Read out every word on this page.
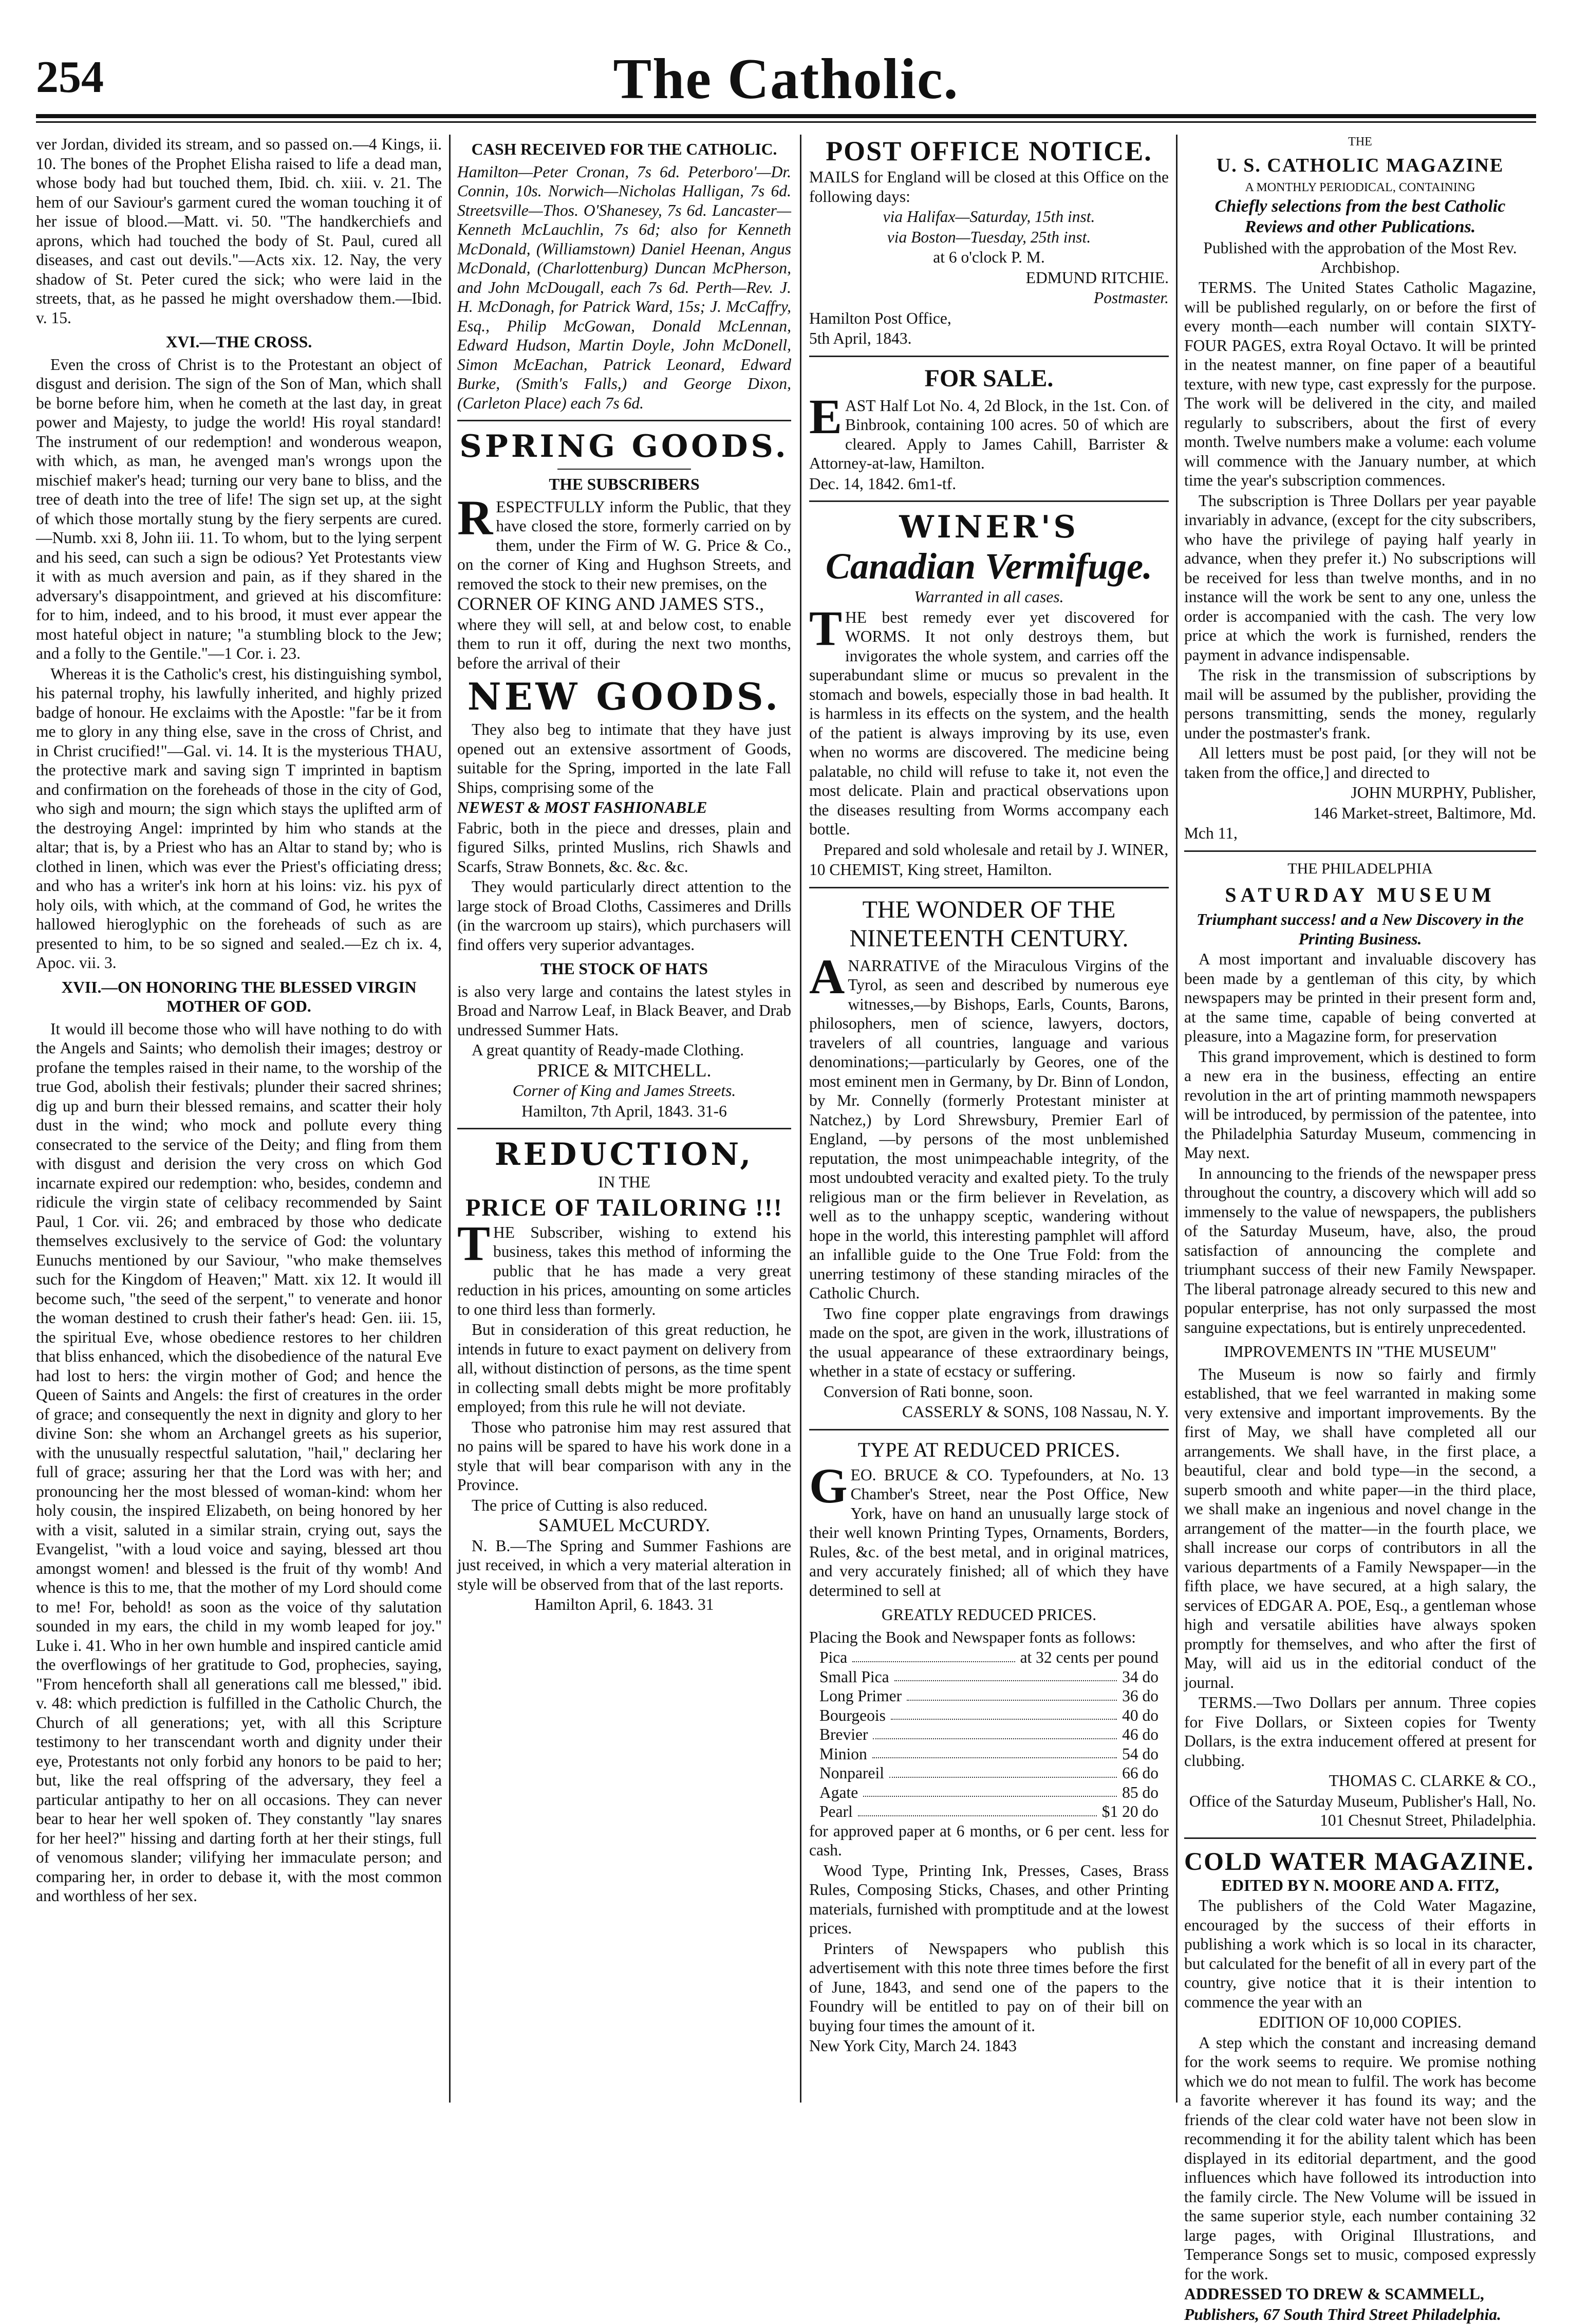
254	The Catholic.

ver Jordan, divided its stream, and so passed on.—4 Kings, ii. 10. The bones of the Prophet Elisha raised to life a dead man, whose body had but touched them, Ibid. ch. xiii. v. 21. The hem of our Saviour's garment cured the woman touching it of her issue of blood.—Matt. vi. 50. "The handkerchiefs and aprons, which had touched the body of St. Paul, cured all diseases, and cast out devils."—Acts xix. 12. Nay, the very shadow of St. Peter cured the sick; who were laid in the streets, that, as he passed he might overshadow them.—Ibid. v. 15.

XVI.—THE CROSS.

Even the cross of Christ is to the Protestant an object of disgust and derision. The sign of the Son of Man, which shall be borne before him, when he cometh at the last day, in great power and Majesty, to judge the world! His royal standard! The instrument of our redemption! and wonderous weapon, with which, as man, he avenged man's wrongs upon the mischief maker's head; turning our very bane to bliss, and the tree of death into the tree of life! The sign set up, at the sight of which those mortally stung by the fiery serpents are cured.—Numb. xxi 8, John iii. 11. To whom, but to the lying serpent and his seed, can such a sign be odious? Yet Protestants view it with as much aversion and pain, as if they shared in the adversary's disappointment, and grieved at his discomfiture: for to him, indeed, and to his brood, it must ever appear the most hateful object in nature; "a stumbling block to the Jew; and a folly to the Gentile."—1 Cor. i. 23.

Whereas it is the Catholic's crest, his distinguishing symbol, his paternal trophy, his lawfully inherited, and highly prized badge of honour. He exclaims with the Apostle: "far be it from me to glory in any thing else, save in the cross of Christ, and in Christ crucified!"—Gal. vi. 14. It is the mysterious THAU, the protective mark and saving sign T imprinted in baptism and confirmation on the foreheads of those in the city of God, who sigh and mourn; the sign which stays the uplifted arm of the destroying Angel: imprinted by him who stands at the altar; that is, by a Priest who has an Altar to stand by; who is clothed in linen, which was ever the Priest's officiating dress; and who has a writer's ink horn at his loins: viz. his pyx of holy oils, with which, at the command of God, he writes the hallowed hieroglyphic on the foreheads of such as are presented to him, to be so signed and sealed.—Ez ch ix. 4, Apoc. vii. 3.

XVII.—ON HONORING THE BLESSED VIRGIN MOTHER OF GOD.

It would ill become those who will have nothing to do with the Angels and Saints; who demolish their images; destroy or profane the temples raised in their name, to the worship of the true God, abolish their festivals; plunder their sacred shrines; dig up and burn their blessed remains, and scatter their holy dust in the wind; who mock and pollute every thing consecrated to the service of the Deity; and fling from them with disgust and derision the very cross on which God incarnate expired our redemption: who, besides, condemn and ridicule the virgin state of celibacy recommended by Saint Paul, 1 Cor. vii. 26; and embraced by those who dedicate themselves exclusively to the service of God: the voluntary Eunuchs mentioned by our Saviour, "who make themselves such for the Kingdom of Heaven;" Matt. xix 12. It would ill become such, "the seed of the serpent," to venerate and honor the woman destined to crush their father's head: Gen. iii. 15, the spiritual Eve, whose obedience restores to her children that bliss enhanced, which the disobedience of the natural Eve had lost to hers: the virgin mother of God; and hence the Queen of Saints and Angels: the first of creatures in the order of grace; and consequently the next in dignity and glory to her divine Son: she whom an Archangel greets as his superior, with the unusually respectful salutation, "hail," declaring her full of grace; assuring her that the Lord was with her; and pronouncing her the most blessed of woman-kind: whom her holy cousin, the inspired Elizabeth, on being honored by her with a visit, saluted in a similar strain, crying out, says the Evangelist, "with a loud voice and saying, blessed art thou amongst women! and blessed is the fruit of thy womb! And whence is this to me, that the mother of my Lord should come to me! For, behold! as soon as the voice of thy salutation sounded in my ears, the child in my womb leaped for joy." Luke i. 41. Who in her own humble and inspired canticle amid the overflowings of her gratitude to God, prophecies, saying, "From henceforth shall all generations call me blessed," ibid. v. 48: which prediction is fulfilled in the Catholic Church, the Church of all generations; yet, with all this Scripture testimony to her transcendant worth and dignity under their eye, Protestants not only forbid any honors to be paid to her; but, like the real offspring of the adversary, they feel a particular antipathy to her on all occasions. They can never bear to hear her well spoken of. They constantly "lay snares for her heel?" hissing and darting forth at her their stings, full of venomous slander; vilifying her immaculate person; and comparing her, in order to debase it, with the most common and worthless of her sex.

CASH RECEIVED FOR THE CATHOLIC.

Hamilton—Peter Cronan, 7s 6d. Peterboro'—Dr. Connin, 10s. Norwich—Nicholas Halligan, 7s 6d. Streetsville—Thos. O'Shanesey, 7s 6d. Lancaster—Kenneth McLauchlin, 7s 6d; also for Kenneth McDonald, (Williamstown) Daniel Heenan, Angus McDonald, (Charlottenburg) Duncan McPherson, and John McDougall, each 7s 6d. Perth—Rev. J. H. McDonagh, for Patrick Ward, 15s; J. McCaffry, Esq., Philip McGowan, Donald McLennan, Edward Hudson, Martin Doyle, John McDonell, Simon McEachan, Patrick Leonard, Edward Burke, (Smith's Falls,) and George Dixon, (Carleton Place) each 7s 6d.

SPRING GOODS.

THE SUBSCRIBERS

RESPECTFULLY inform the Public, that they have closed the store, formerly carried on by them, under the Firm of W. G. Price & Co., on the corner of King and Hughson Streets, and removed the stock to their new premises, on the

CORNER OF KING AND JAMES STS.,

where they will sell, at and below cost, to enable them to run it off, during the next two months, before the arrival of their

NEW GOODS.

They also beg to intimate that they have just opened out an extensive assortment of Goods, suitable for the Spring, imported in the late Fall Ships, comprising some of the

NEWEST & MOST FASHIONABLE

Fabric, both in the piece and dresses, plain and figured Silks, printed Muslins, rich Shawls and Scarfs, Straw Bonnets, &c. &c. &c.

They would particularly direct attention to the large stock of Broad Cloths, Cassimeres and Drills (in the warcroom up stairs), which purchasers will find offers very superior advantages.

THE STOCK OF HATS

is also very large and contains the latest styles in Broad and Narrow Leaf, in Black Beaver, and Drab undressed Summer Hats.

A great quantity of Ready-made Clothing.

PRICE & MITCHELL.

Corner of King and James Streets.

Hamilton, 7th April, 1843. 31-6

REDUCTION,

IN THE

PRICE OF TAILORING !!!

THE Subscriber, wishing to extend his business, takes this method of informing the public that he has made a very great reduction in his prices, amounting on some articles to one third less than formerly.

But in consideration of this great reduction, he intends in future to exact payment on delivery from all, without distinction of persons, as the time spent in collecting small debts might be more profitably employed; from this rule he will not deviate.

Those who patronise him may rest assured that no pains will be spared to have his work done in a style that will bear comparison with any in the Province.

The price of Cutting is also reduced.

SAMUEL McCURDY.

N. B.—The Spring and Summer Fashions are just received, in which a very material alteration in style will be observed from that of the last reports.

Hamilton April, 6. 1843. 31

POST OFFICE NOTICE.

MAILS for England will be closed at this Office on the following days:

via Halifax—Saturday, 15th inst.

via Boston—Tuesday, 25th inst.

at 6 o'clock P. M.

EDMUND RITCHIE.

Postmaster.

Hamilton Post Office,

5th April, 1843.

FOR SALE.

EAST Half Lot No. 4, 2d Block, in the 1st. Con. of Binbrook, containing 100 acres. 50 of which are cleared. Apply to James Cahill, Barrister & Attorney-at-law, Hamilton.

Dec. 14, 1842. 6m1-tf.

WINER'S
Canadian Vermifuge.

Warranted in all cases.

THE best remedy ever yet discovered for WORMS. It not only destroys them, but invigorates the whole system, and carries off the superabundant slime or mucus so prevalent in the stomach and bowels, especially those in bad health. It is harmless in its effects on the system, and the health of the patient is always improving by its use, even when no worms are discovered. The medicine being palatable, no child will refuse to take it, not even the most delicate. Plain and practical observations upon the diseases resulting from Worms accompany each bottle.

Prepared and sold wholesale and retail by J. WINER,

10 CHEMIST, King street, Hamilton.

THE WONDER OF THE NINETEENTH CENTURY.

ANARRATIVE of the Miraculous Virgins of the Tyrol, as seen and described by numerous eye witnesses,—by Bishops, Earls, Counts, Barons, philosophers, men of science, lawyers, doctors, travelers of all countries, language and various denominations;—particularly by Geores, one of the most eminent men in Germany, by Dr. Binn of London, by Mr. Connelly (formerly Protestant minister at Natchez,) by Lord Shrewsbury, Premier Earl of England, —by persons of the most unblemished reputation, the most unimpeachable integrity, of the most undoubted veracity and exalted piety. To the truly religious man or the firm believer in Revelation, as well as to the unhappy sceptic, wandering without hope in the world, this interesting pamphlet will afford an infallible guide to the One True Fold: from the unerring testimony of these standing miracles of the Catholic Church.

Two fine copper plate engravings from drawings made on the spot, are given in the work, illustrations of the usual appearance of these extraordinary beings, whether in a state of ecstacy or suffering.

Conversion of Rati bonne, soon.

CASSERLY & SONS, 108 Nassau, N. Y.

TYPE AT REDUCED PRICES.

GEO. BRUCE & CO. Typefounders, at No. 13 Chamber's Street, near the Post Office, New York, have on hand an unusually large stock of their well known Printing Types, Ornaments, Borders, Rules, &c. of the best metal, and in original matrices, and very accurately finished; all of which they have determined to sell at

GREATLY REDUCED PRICES.

Placing the Book and Newspaper fonts as follows:

Pica	at 32 cents per pound
Small Pica	34 do
Long Primer	36 do
Bourgeois	40 do
Brevier	46 do
Minion	54 do
Nonpareil	66 do
Agate	85 do
Pearl	$1 20 do

for approved paper at 6 months, or 6 per cent. less for cash.

Wood Type, Printing Ink, Presses, Cases, Brass Rules, Composing Sticks, Chases, and other Printing materials, furnished with promptitude and at the lowest prices.

Printers of Newspapers who publish this advertisement with this note three times before the first of June, 1843, and send one of the papers to the Foundry will be entitled to pay on of their bill on buying four times the amount of it.

New York City, March 24. 1843

THE

U. S. CATHOLIC MAGAZINE

A MONTHLY PERIODICAL, CONTAINING

Chiefly selections from the best Catholic Reviews and other Publications.

Published with the approbation of the Most Rev. Archbishop.

TERMS. The United States Catholic Magazine, will be published regularly, on or before the first of every month—each number will contain SIXTY-FOUR PAGES, extra Royal Octavo. It will be printed in the neatest manner, on fine paper of a beautiful texture, with new type, cast expressly for the purpose. The work will be delivered in the city, and mailed regularly to subscribers, about the first of every month. Twelve numbers make a volume: each volume will commence with the January number, at which time the year's subscription commences.

The subscription is Three Dollars per year payable invariably in advance, (except for the city subscribers, who have the privilege of paying half yearly in advance, when they prefer it.) No subscriptions will be received for less than twelve months, and in no instance will the work be sent to any one, unless the order is accompanied with the cash. The very low price at which the work is furnished, renders the payment in advance indispensable.

The risk in the transmission of subscriptions by mail will be assumed by the publisher, providing the persons transmitting, sends the money, regularly under the postmaster's frank.

All letters must be post paid, [or they will not be taken from the office,] and directed to

JOHN MURPHY, Publisher,

146 Market-street, Baltimore, Md.

Mch 11,

THE PHILADELPHIA

SATURDAY MUSEUM

Triumphant success! and a New Discovery in the Printing Business.

A most important and invaluable discovery has been made by a gentleman of this city, by which newspapers may be printed in their present form and, at the same time, capable of being converted at pleasure, into a Magazine form, for preservation

This grand improvement, which is destined to form a new era in the business, effecting an entire revolution in the art of printing mammoth newspapers will be introduced, by permission of the patentee, into the Philadelphia Saturday Museum, commencing in May next.

In announcing to the friends of the newspaper press throughout the country, a discovery which will add so immensely to the value of newspapers, the publishers of the Saturday Museum, have, also, the proud satisfaction of announcing the complete and triumphant success of their new Family Newspaper. The liberal patronage already secured to this new and popular enterprise, has not only surpassed the most sanguine expectations, but is entirely unprecedented.

IMPROVEMENTS IN "THE MUSEUM"

The Museum is now so fairly and firmly established, that we feel warranted in making some very extensive and important improvements. By the first of May, we shall have completed all our arrangements. We shall have, in the first place, a beautiful, clear and bold type—in the second, a superb smooth and white paper—in the third place, we shall make an ingenious and novel change in the arrangement of the matter—in the fourth place, we shall increase our corps of contributors in all the various departments of a Family Newspaper—in the fifth place, we have secured, at a high salary, the services of EDGAR A. POE, Esq., a gentleman whose high and versatile abilities have always spoken promptly for themselves, and who after the first of May, will aid us in the editorial conduct of the journal.

TERMS.—Two Dollars per annum. Three copies for Five Dollars, or Sixteen copies for Twenty Dollars, is the extra inducement offered at present for clubbing.

THOMAS C. CLARKE & CO.,

Office of the Saturday Museum, Publisher's Hall, No. 101 Chesnut Street, Philadelphia.

COLD WATER MAGAZINE.

EDITED BY N. MOORE AND A. FITZ,

The publishers of the Cold Water Magazine, encouraged by the success of their efforts in publishing a work which is so local in its character, but calculated for the benefit of all in every part of the country, give notice that it is their intention to commence the year with an

EDITION OF 10,000 COPIES.

A step which the constant and increasing demand for the work seems to require. We promise nothing which we do not mean to fulfil. The work has become a favorite wherever it has found its way; and the friends of the clear cold water have not been slow in recommending it for the ability talent which has been displayed in its editorial department, and the good influences which have followed its introduction into the family circle. The New Volume will be issued in the same superior style, each number containing 32 large pages, with Original Illustrations, and Temperance Songs set to music, composed expressly for the work.

ADDRESSED TO DREW & SCAMMELL,

Publishers, 67 South Third Street Philadelphia.
